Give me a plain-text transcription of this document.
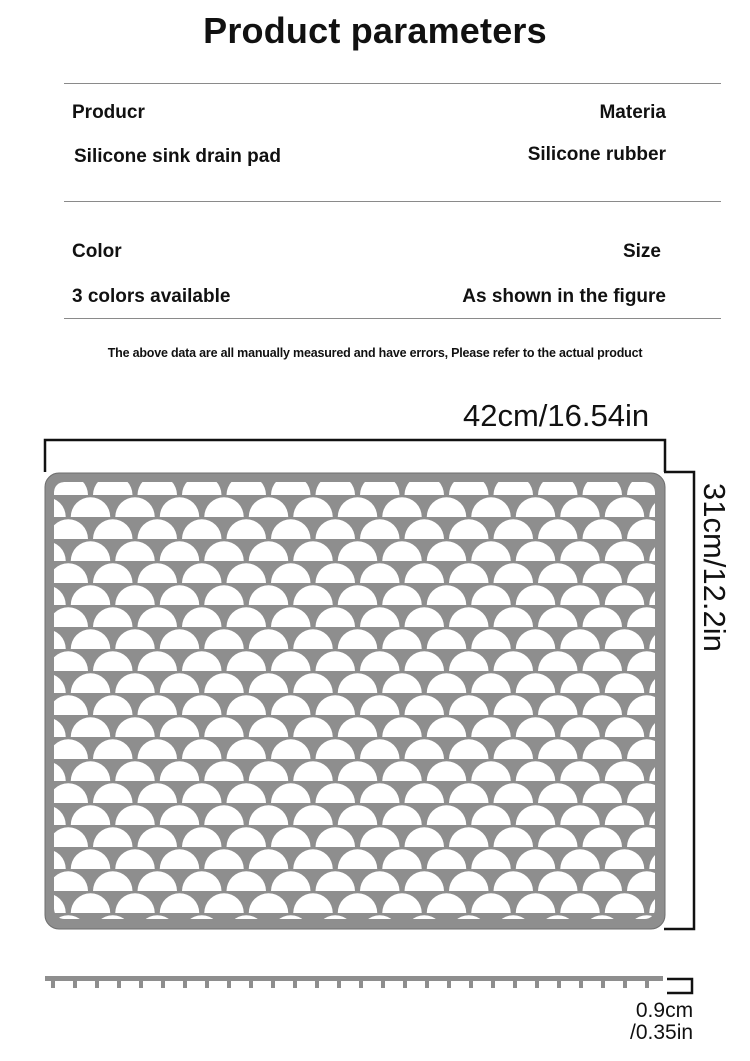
Product parameters
Producr	Materia
Silicone sink drain pad	Silicone rubber
Color	Size
3 colors available	As shown in the figure
The above data are all manually measured and have errors, Please refer to the actual product
42cm/16.54in
31cm/12.2in
0.9cm
/0.35in
